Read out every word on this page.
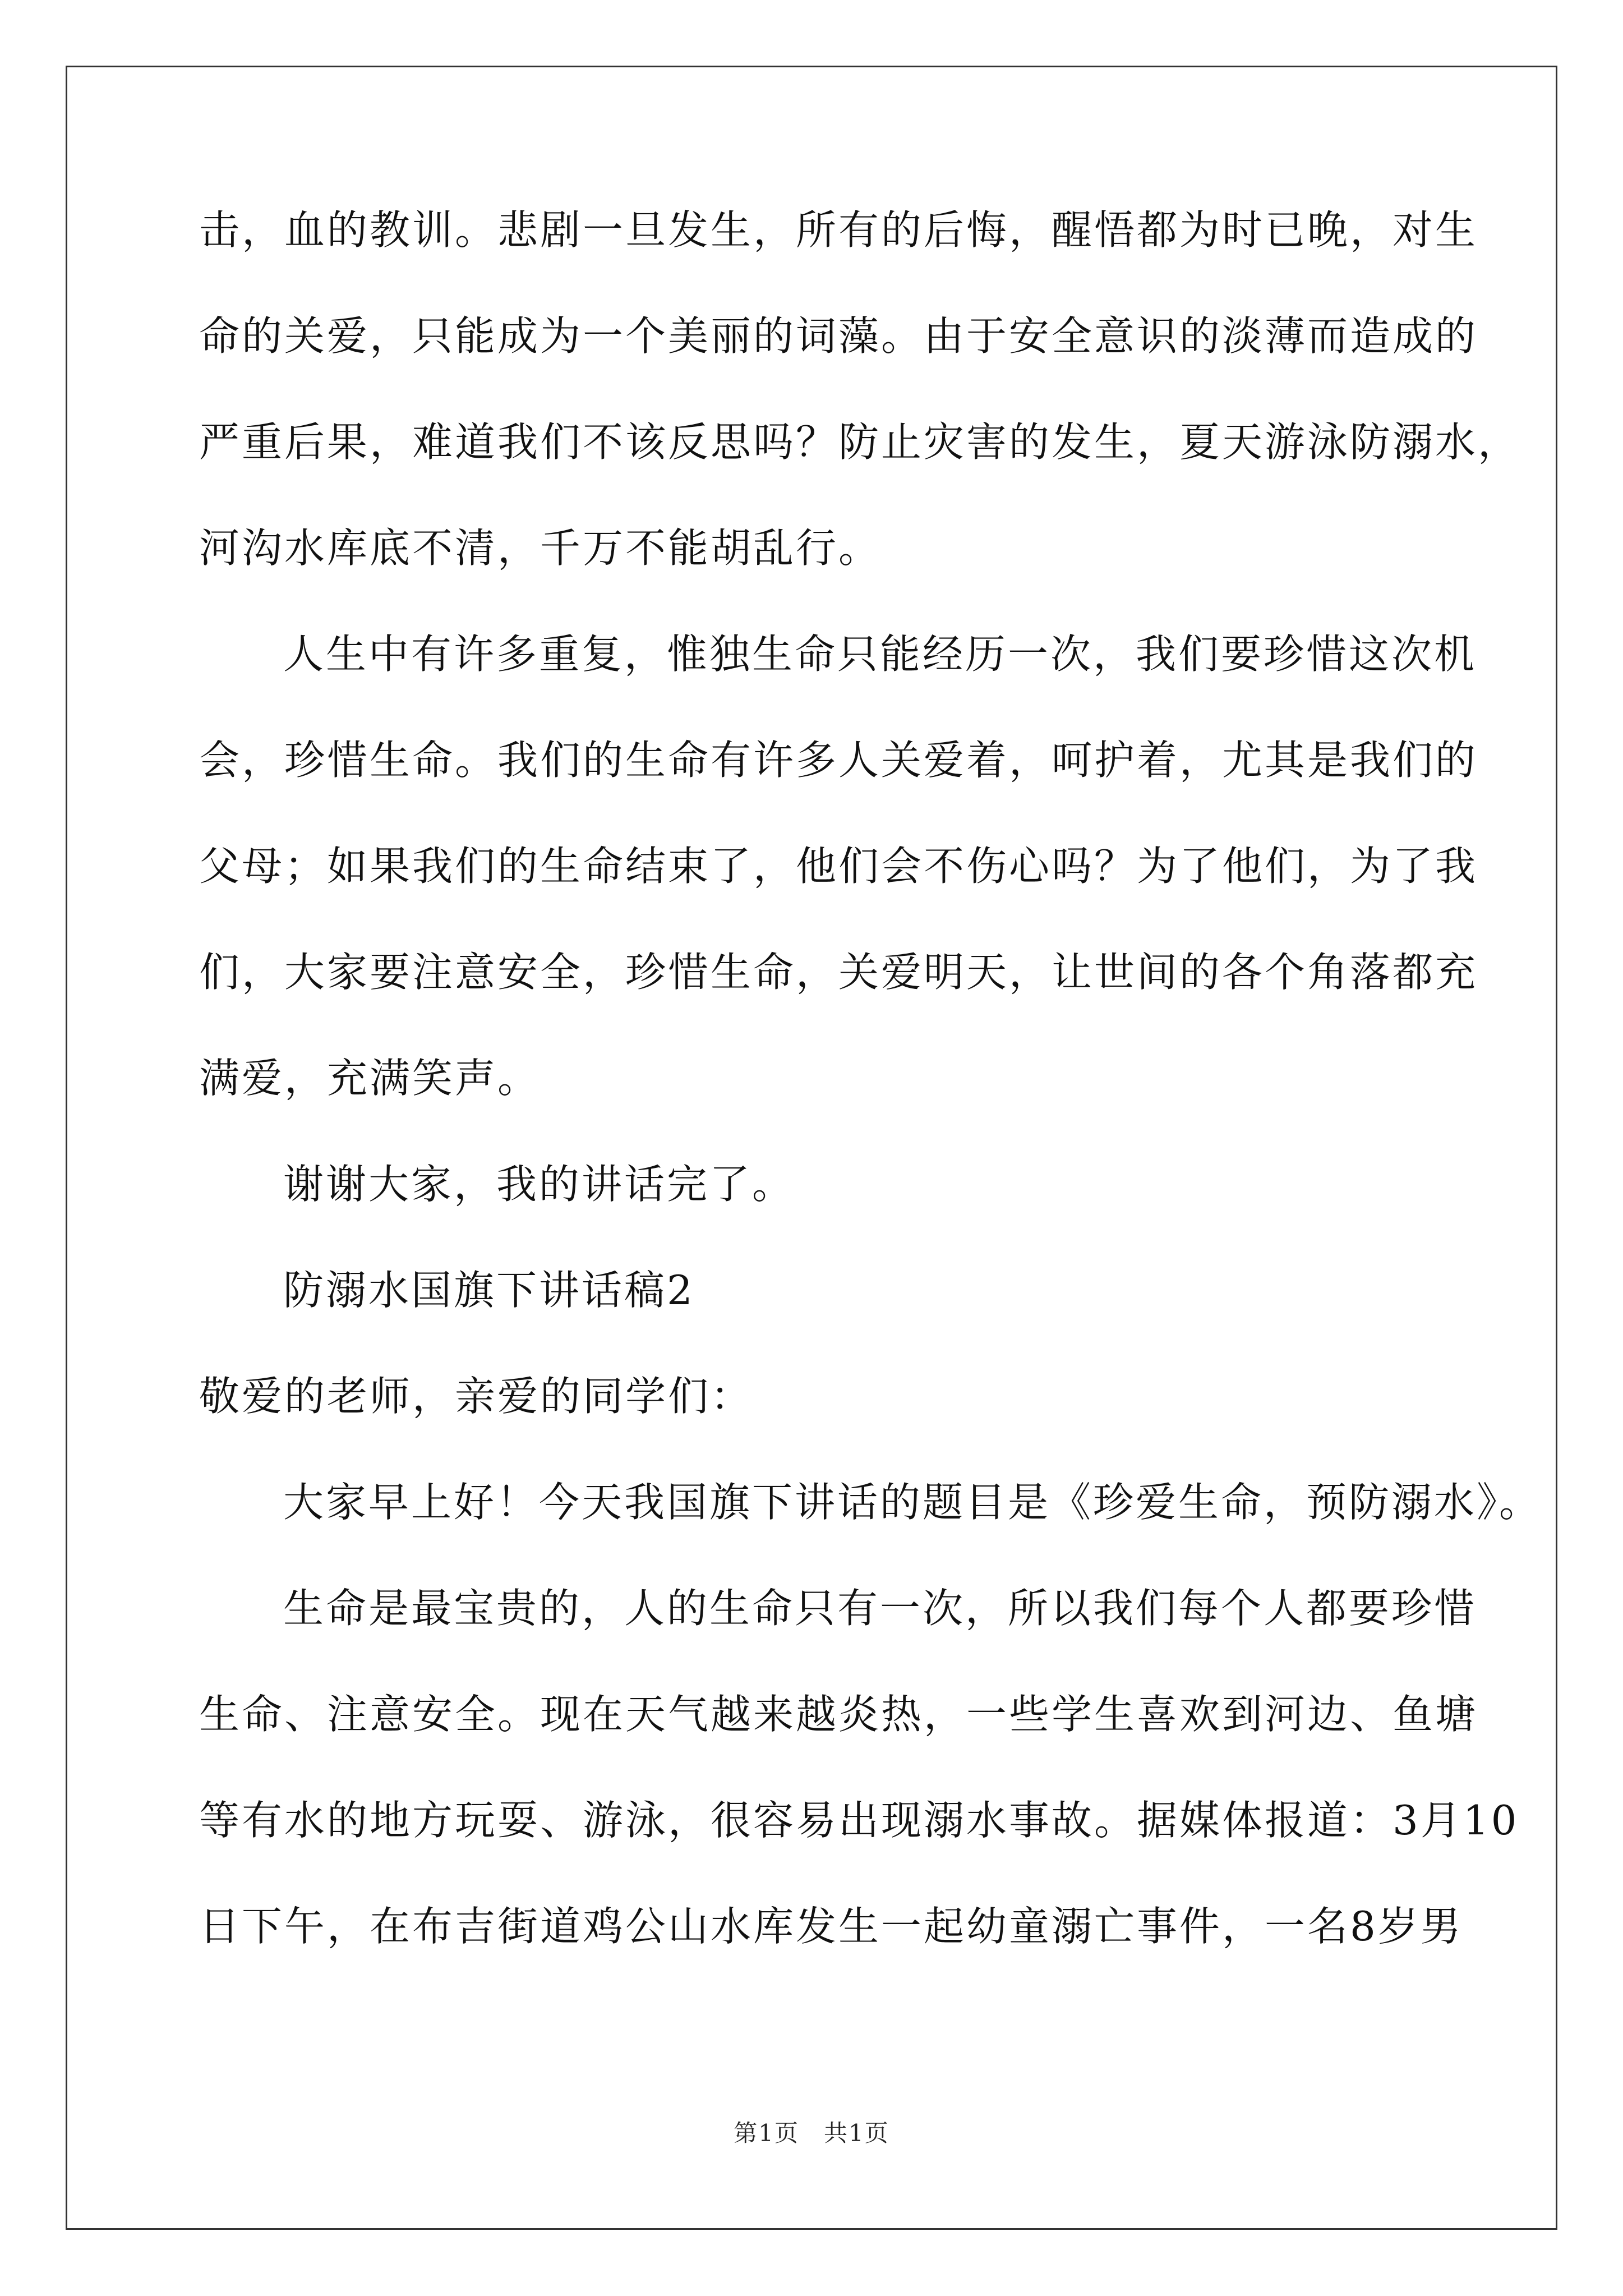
击，血的教训。悲剧一旦发生，所有的后悔，醒悟都为时已晚，对生
命的关爱，只能成为一个美丽的词藻。由于安全意识的淡薄而造成的
严重后果，难道我们不该反思吗？防止灾害的发生，夏天游泳防溺水，
河沟水库底不清，千万不能胡乱行。
人生中有许多重复，惟独生命只能经历一次，我们要珍惜这次机
会，珍惜生命。我们的生命有许多人关爱着，呵护着，尤其是我们的
父母；如果我们的生命结束了，他们会不伤心吗？为了他们，为了我
们，大家要注意安全，珍惜生命，关爱明天，让世间的各个角落都充
满爱，充满笑声。
谢谢大家，我的讲话完了。
防溺水国旗下讲话稿2
敬爱的老师，亲爱的同学们：
大家早上好！今天我国旗下讲话的题目是《珍爱生命，预防溺水》。
生命是最宝贵的，人的生命只有一次，所以我们每个人都要珍惜
生命、注意安全。现在天气越来越炎热，一些学生喜欢到河边、鱼塘
等有水的地方玩耍、游泳，很容易出现溺水事故。据媒体报道：3月10
日下午，在布吉街道鸡公山水库发生一起幼童溺亡事件，一名8岁男
第1页　共1页
